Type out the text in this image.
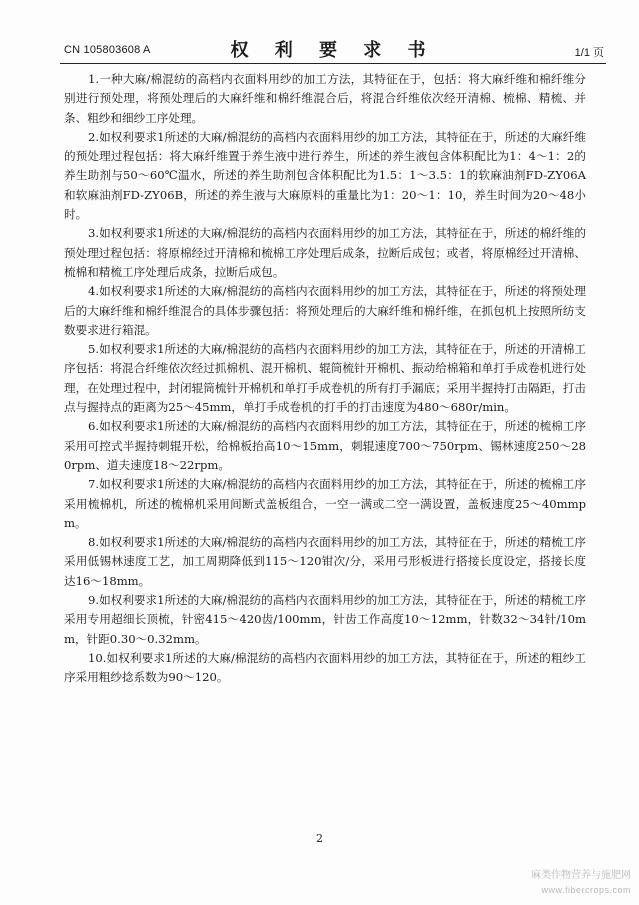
CN 105803608 A	权 利 要 求 书	1/1 页

1.一种大麻/棉混纺的高档内衣面料用纱的加工方法，其特征在于，包括：将大麻纤维和棉纤维分别进行预处理，将预处理后的大麻纤维和棉纤维混合后，将混合纤维依次经开清棉、梳棉、精梳、并条、粗纱和细纱工序处理。

2.如权利要求1所述的大麻/棉混纺的高档内衣面料用纱的加工方法，其特征在于，所述的大麻纤维的预处理过程包括：将大麻纤维置于养生液中进行养生，所述的养生液包含体积配比为1：4～1：2的养生助剂与50～60℃温水，所述的养生助剂包含体积配比为1.5：1～3.5：1的软麻油剂FD-ZY06A和软麻油剂FD-ZY06B，所述的养生液与大麻原料的重量比为1：20～1：10，养生时间为20～48小时。

3.如权利要求1所述的大麻/棉混纺的高档内衣面料用纱的加工方法，其特征在于，所述的棉纤维的预处理过程包括：将原棉经过开清棉和梳棉工序处理后成条，拉断后成包；或者，将原棉经过开清棉、梳棉和精梳工序处理后成条，拉断后成包。

4.如权利要求1所述的大麻/棉混纺的高档内衣面料用纱的加工方法，其特征在于，所述的将预处理后的大麻纤维和棉纤维混合的具体步骤包括：将预处理后的大麻纤维和棉纤维，在抓包机上按照所纺支数要求进行箱混。

5.如权利要求1所述的大麻/棉混纺的高档内衣面料用纱的加工方法，其特征在于，所述的开清棉工序包括：将混合纤维依次经过抓棉机、混开棉机、辊筒梳针开棉机、振动给棉箱和单打手成卷机进行处理，在处理过程中，封闭辊筒梳针开棉机和单打手成卷机的所有打手漏底；采用半握持打击隔距，打击点与握持点的距离为25～45mm，单打手成卷机的打手的打击速度为480～680r/min。

6.如权利要求1所述的大麻/棉混纺的高档内衣面料用纱的加工方法，其特征在于，所述的梳棉工序采用可控式半握持刺辊开松，给棉板抬高10～15mm，刺辊速度700～750rpm、锡林速度250～280rpm、道夫速度18～22rpm。

7.如权利要求1所述的大麻/棉混纺的高档内衣面料用纱的加工方法，其特征在于，所述的梳棉工序采用梳棉机，所述的梳棉机采用间断式盖板组合，一空一满或二空一满设置，盖板速度25～40mmpm。

8.如权利要求1所述的大麻/棉混纺的高档内衣面料用纱的加工方法，其特征在于，所述的精梳工序采用低锡林速度工艺，加工周期降低到115～120钳次/分，采用弓形板进行搭接长度设定，搭接长度达16～18mm。

9.如权利要求1所述的大麻/棉混纺的高档内衣面料用纱的加工方法，其特征在于，所述的精梳工序采用专用超细长顶梳，针密415～420齿/100mm，针齿工作高度10～12mm，针数32～34针/10mm，针距0.30～0.32mm。

10.如权利要求1所述的大麻/棉混纺的高档内衣面料用纱的加工方法，其特征在于，所述的粗纱工序采用粗纱捻系数为90～120。

2
麻类作物营养与施肥网
www.fibercrops.com
